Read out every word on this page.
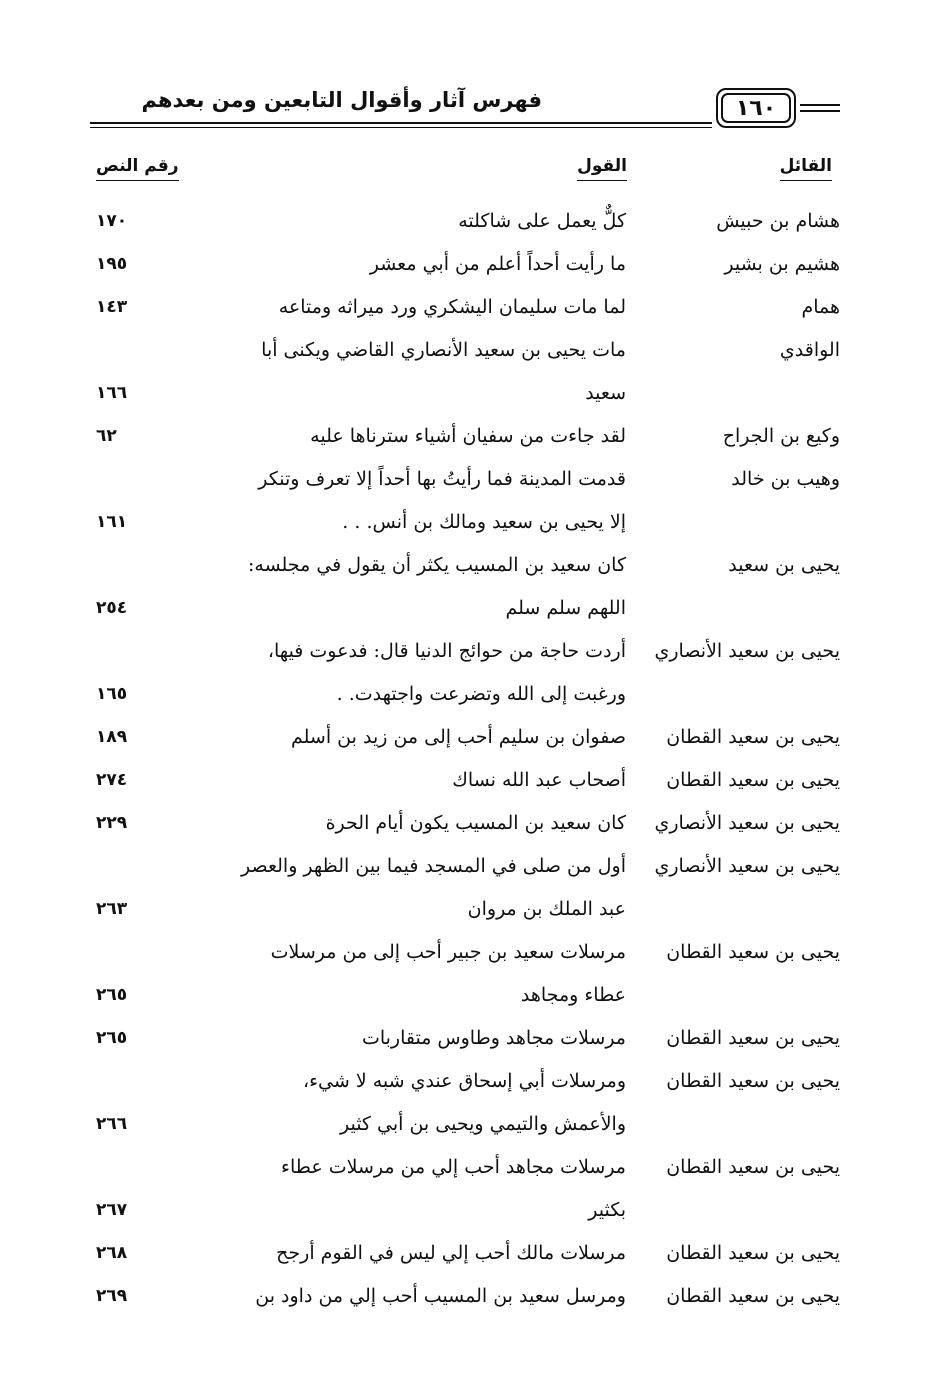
فهرس آثار وأقوال التابعين ومن بعدهم	١٦٠
القائل
القول
رقم النص
هشام بن حبيش
كلٌّ يعمل على شاكلته
١٧٠
هشيم بن بشير
ما رأيت أحداً أعلم من أبي معشر
١٩٥
همام
لما مات سليمان اليشكري ورد ميراثه ومتاعه
١٤٣
الواقدي
مات يحيى بن سعيد الأنصاري القاضي ويكنى أبا
سعيد
١٦٦
وكيع بن الجراح
لقد جاءت من سفيان أشياء سترناها عليه
٦٢
وهيب بن خالد
قدمت المدينة فما رأيتُ بها أحداً إلا تعرف وتنكر
إلا يحيى بن سعيد ومالك بن أنس. . .
١٦١
يحيى بن سعيد
كان سعيد بن المسيب يكثر أن يقول في مجلسه:
اللهم سلم سلم
٢٥٤
يحيى بن سعيد الأنصاري
أردت حاجة من حوائج الدنيا قال: فدعوت فيها،
ورغبت إلى الله وتضرعت واجتهدت. .
١٦٥
يحيى بن سعيد القطان
صفوان بن سليم أحب إلى من زيد بن أسلم
١٨٩
يحيى بن سعيد القطان
أصحاب عبد الله نساك
٢٧٤
يحيى بن سعيد الأنصاري
كان سعيد بن المسيب يكون أيام الحرة
٢٢٩
يحيى بن سعيد الأنصاري
أول من صلى في المسجد فيما بين الظهر والعصر
عبد الملك بن مروان
٢٦٣
يحيى بن سعيد القطان
مرسلات سعيد بن جبير أحب إلى من مرسلات
عطاء ومجاهد
٢٦٥
يحيى بن سعيد القطان
مرسلات مجاهد وطاوس متقاربات
٢٦٥
يحيى بن سعيد القطان
ومرسلات أبي إسحاق عندي شبه لا شيء،
والأعمش والتيمي ويحيى بن أبي كثير
٢٦٦
يحيى بن سعيد القطان
مرسلات مجاهد أحب إلي من مرسلات عطاء
بكثير
٢٦٧
يحيى بن سعيد القطان
مرسلات مالك أحب إلي ليس في القوم أرجح
٢٦٨
يحيى بن سعيد القطان
ومرسل سعيد بن المسيب أحب إلي من داود بن
٢٦٩
